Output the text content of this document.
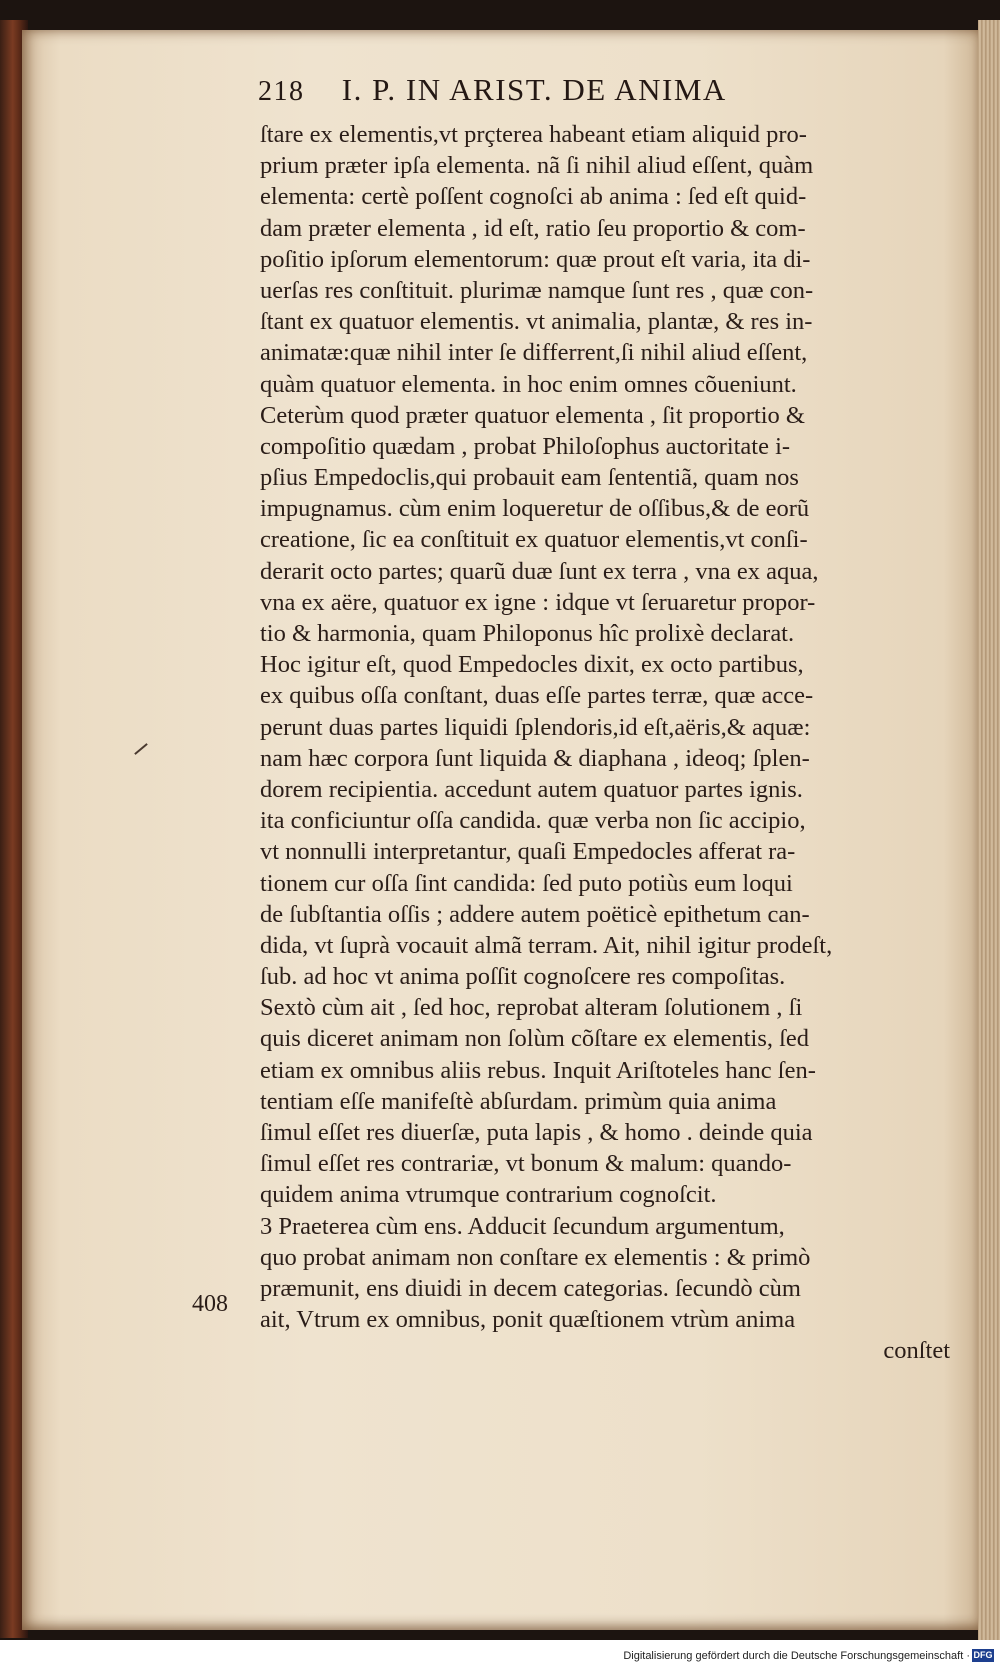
218 I. P. IN ARIST. DE ANIMA
408
ſtare ex elementis,vt prçterea habeant etiam aliquid pro-
prium præter ipſa elementa. nã ſi nihil aliud eſſent, quàm
elementa: certè poſſent cognoſci ab anima : ſed eſt quid-
dam præter elementa , id eſt, ratio ſeu proportio & com-
poſitio ipſorum elementorum: quæ prout eſt varia, ita di-
uerſas res conſtituit. plurimæ namque ſunt res , quæ con-
ſtant ex quatuor elementis. vt animalia, plantæ, & res in-
animatæ:quæ nihil inter ſe differrent,ſi nihil aliud eſſent,
quàm quatuor elementa. in hoc enim omnes cõueniunt.
Ceterùm quod præter quatuor elementa , ſit proportio &
compoſitio quædam , probat Philoſophus auctoritate i-
pſius Empedoclis,qui probauit eam ſententiã, quam nos
impugnamus. cùm enim loqueretur de oſſibus,& de eorũ
creatione, ſic ea conſtituit ex quatuor elementis,vt conſi-
derarit octo partes; quarũ duæ ſunt ex terra , vna ex aqua,
vna ex aëre, quatuor ex igne : idque vt ſeruaretur propor-
tio & harmonia, quam Philoponus hîc prolixè declarat.
Hoc igitur eſt, quod Empedocles dixit, ex octo partibus,
ex quibus oſſa conſtant, duas eſſe partes terræ, quæ acce-
perunt duas partes liquidi ſplendoris,id eſt,aëris,& aquæ:
nam hæc corpora ſunt liquida & diaphana , ideoq; ſplen-
dorem recipientia. accedunt autem quatuor partes ignis.
ita conficiuntur oſſa candida. quæ verba non ſic accipio,
vt nonnulli interpretantur, quaſi Empedocles afferat ra-
tionem cur oſſa ſint candida: ſed puto potiùs eum loqui
de ſubſtantia oſſis ; addere autem poëticè epithetum can-
dida, vt ſuprà vocauit almã terram. Ait, nihil igitur prodeſt,
ſub. ad hoc vt anima poſſit cognoſcere res compoſitas.
Sextò cùm ait , ſed hoc, reprobat alteram ſolutionem , ſi
quis diceret animam non ſolùm cõſtare ex elementis, ſed
etiam ex omnibus aliis rebus. Inquit Ariſtoteles hanc ſen-
tentiam eſſe manifeſtè abſurdam. primùm quia anima
ſimul eſſet res diuerſæ, puta lapis , & homo . deinde quia
ſimul eſſet res contrariæ, vt bonum & malum: quando-
quidem anima vtrumque contrarium cognoſcit.
3 Praeterea cùm ens. Adducit ſecundum argumentum,
quo probat animam non conſtare ex elementis : & primò
præmunit, ens diuidi in decem categorias. ſecundò cùm
ait, Vtrum ex omnibus, ponit quæſtionem vtrùm anima
conſtet
Digitalisierung gefördert durch die Deutsche Forschungsgemeinschaft · DFG
